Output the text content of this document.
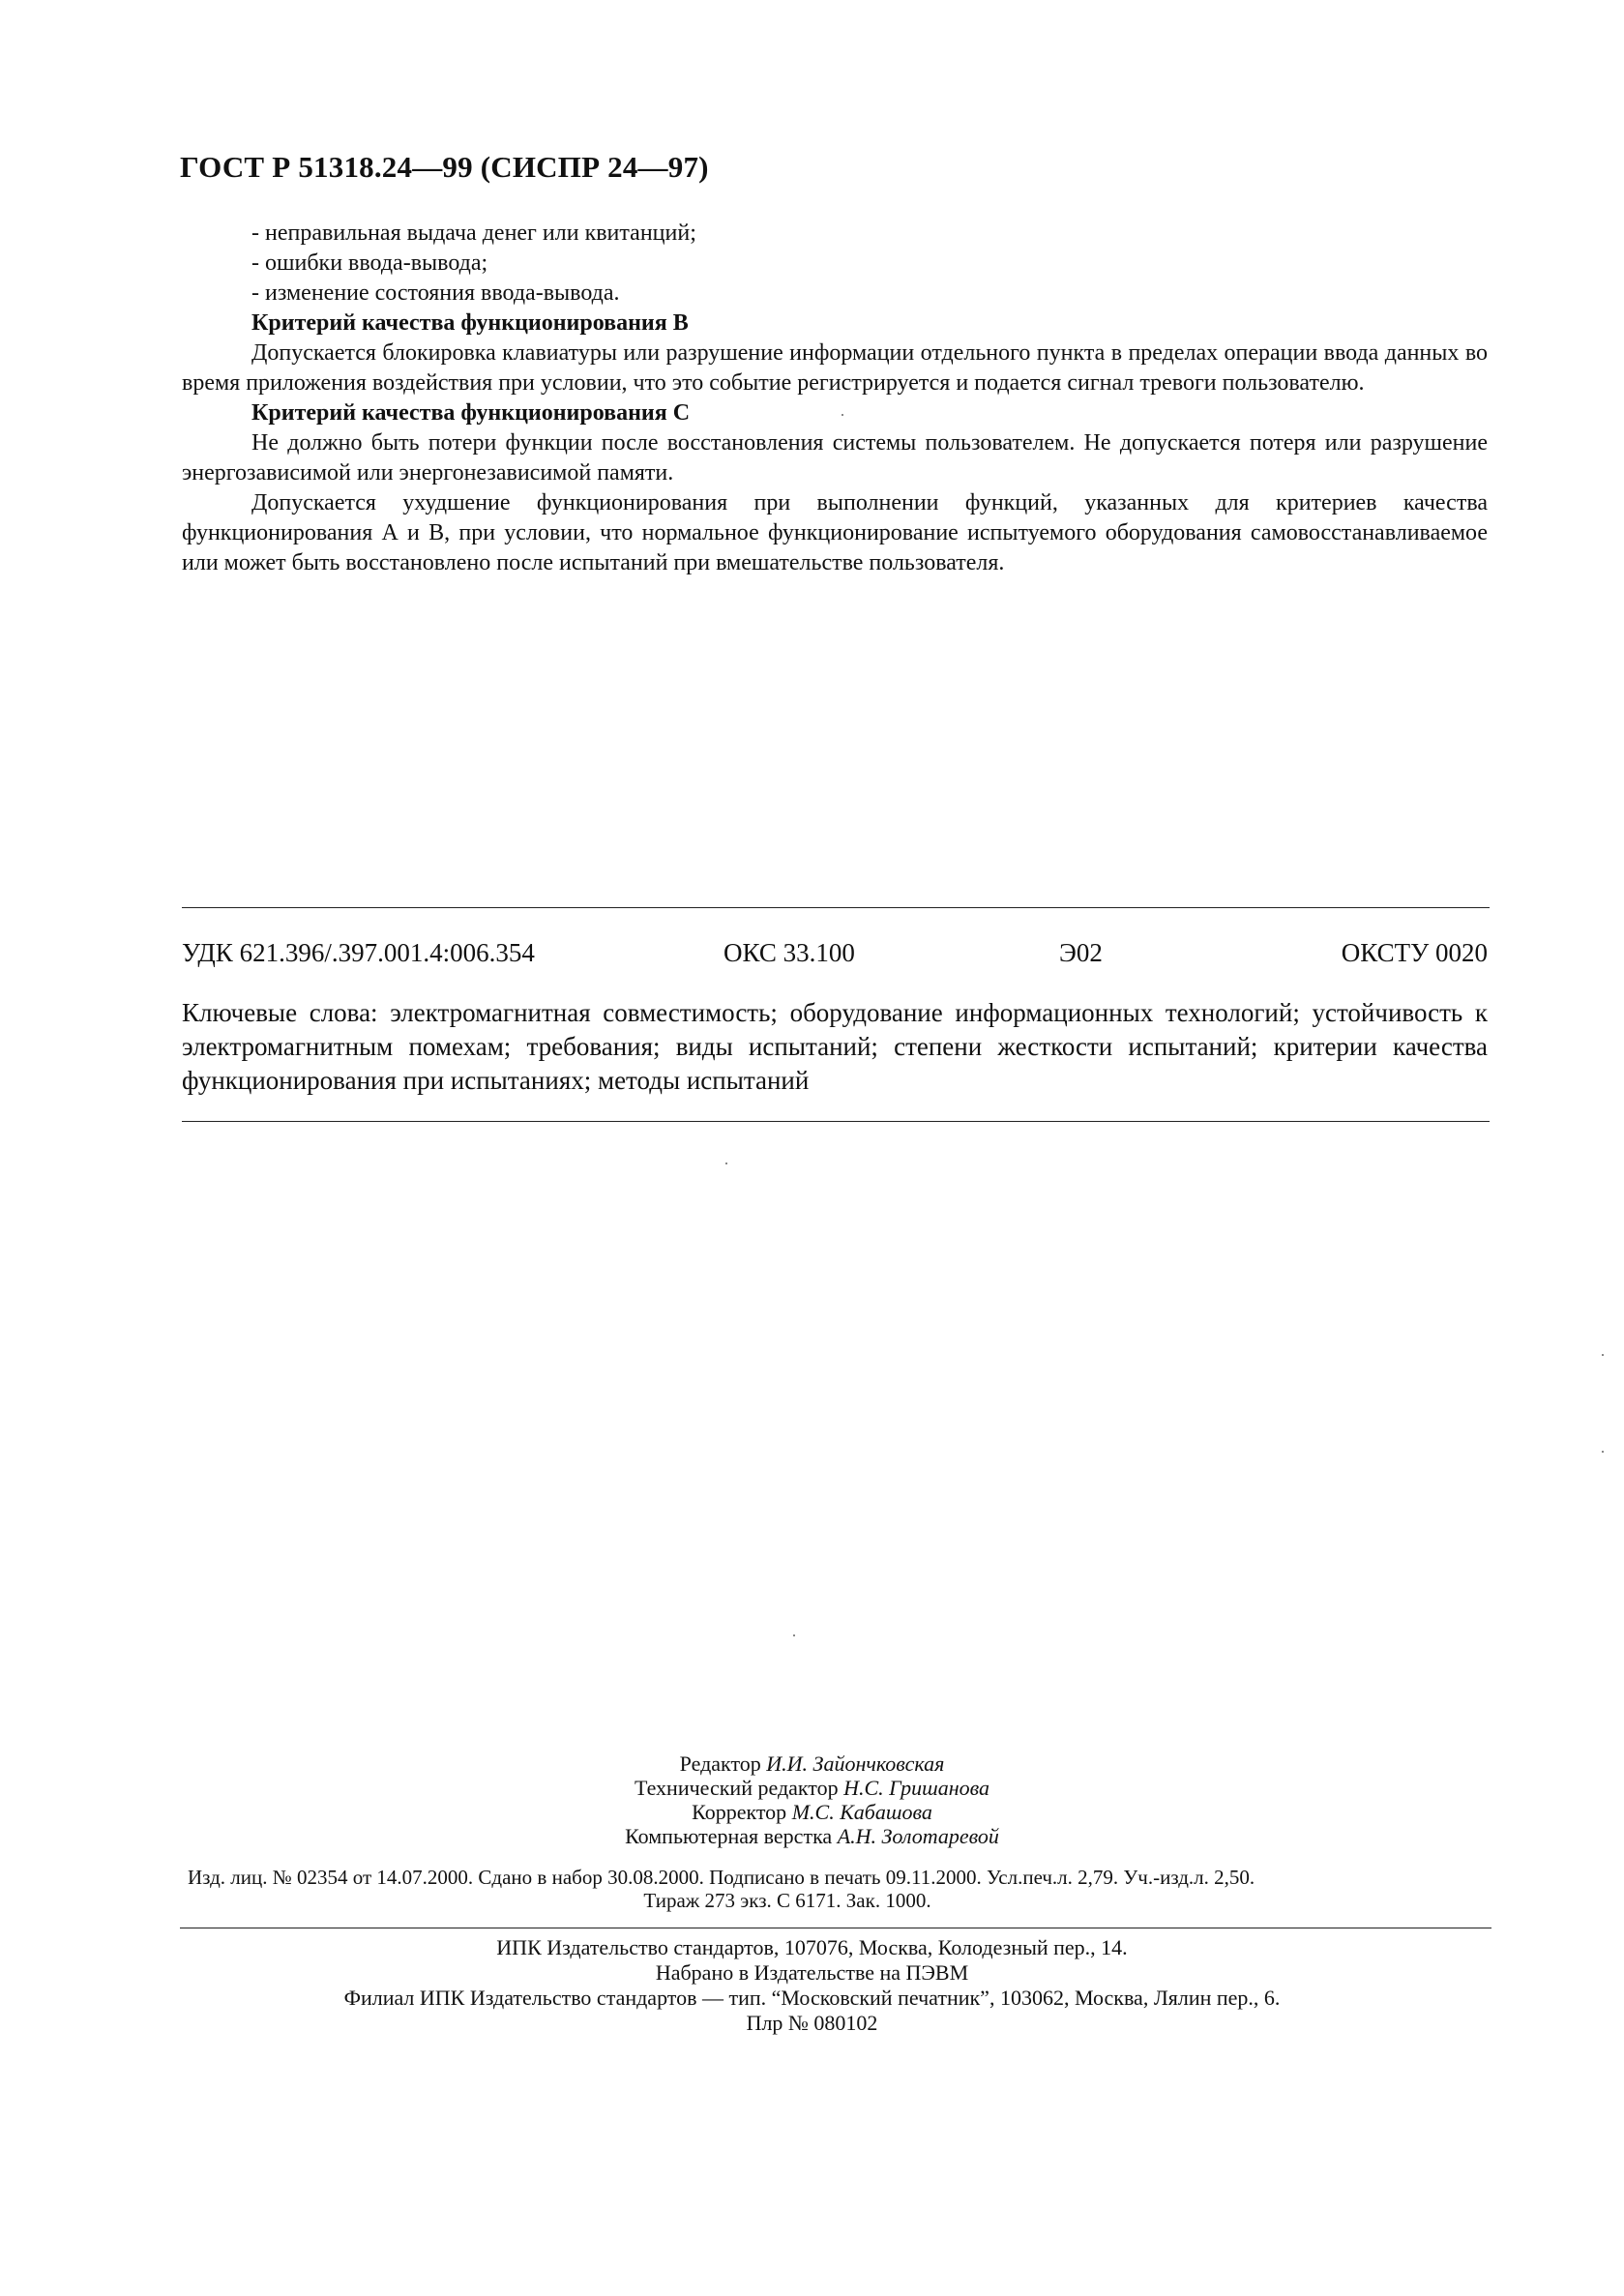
ГОСТ Р 51318.24—99 (СИСПР 24—97)
- неправильная выдача денег или квитанций;
- ошибки ввода-вывода;
- изменение состояния ввода-вывода.
Критерий качества функционирования В
Допускается блокировка клавиатуры или разрушение информации отдельного пункта в пределах операции ввода данных во время приложения воздействия при условии, что это событие регистрируется и подается сигнал тревоги пользователю.
Критерий качества функционирования С
Не должно быть потери функции после восстановления системы пользователем. Не допускается потеря или разрушение энергозависимой или энергонезависимой памяти.
Допускается ухудшение функционирования при выполнении функций, указанных для критериев качества функционирования А и В, при условии, что нормальное функционирование испытуемого оборудования самовосстанавливаемое или может быть восстановлено после испытаний при вмешательстве пользователя.
УДК 621.396/.397.001.4:006.354	ОКС 33.100	Э02	ОКСТУ 0020
Ключевые слова: электромагнитная совместимость; оборудование информационных технологий; устойчивость к электромагнитным помехам; требования; виды испытаний; степени жесткости испытаний; критерии качества функционирования при испытаниях; методы испытаний
Редактор И.И. Зайончковская
Технический редактор Н.С. Гришанова
Корректор М.С. Кабашова
Компьютерная верстка А.Н. Золотаревой
Изд. лиц. № 02354 от 14.07.2000. Сдано в набор 30.08.2000. Подписано в печать 09.11.2000. Усл.печ.л. 2,79. Уч.-изд.л. 2,50.
Тираж 273 экз. С 6171. Зак. 1000.
ИПК Издательство стандартов, 107076, Москва, Колодезный пер., 14.
Набрано в Издательстве на ПЭВМ
Филиал ИПК Издательство стандартов — тип. “Московский печатник”, 103062, Москва, Лялин пер., 6.
Плр № 080102
